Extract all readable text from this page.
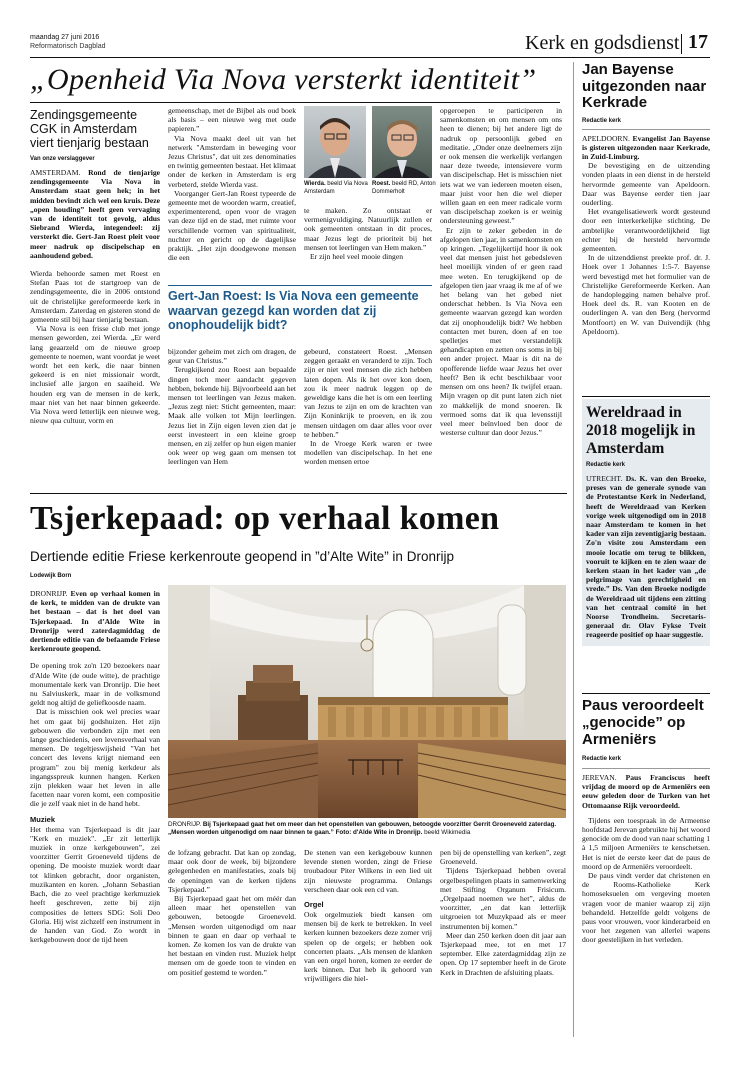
maandag 27 juni 2016
Reformatorisch Dagblad	Kerk en godsdienst 17
„Openheid Via Nova versterkt identiteit”
Zendingsgemeente
CGK in Amsterdam
viert tienjarig bestaan
Van onze verslaggever

AMSTERDAM. Rond de tienjarige zendingsgemeente Via Nova in Amsterdam staat geen hek; in het midden bevindt zich wel een kruis. Deze „open houding” heeft geen vervaging van de identiteit tot gevolg, aldus Siebrand Wierda, integendeel: zij versterkt die. Gert-Jan Roest pleit voor meer nadruk op discipelschap en aanhoudend gebed.

Wierda behoorde samen met Roest en Stefan Paas tot de startgroep van de zendingsgemeente, die in 2006 ontstond uit de christelijke gereformeerde kerk in Amsterdam. Zaterdag en gisteren stond de gemeente stil bij haar tienjarig bestaan.

Via Nova is een frisse club met jonge mensen geworden, zei Wierda. „Er werd lang geaarzeld om de nieuwe groep gemeente te noemen, want voordat je weet wordt het een kerk, die naar binnen gekeerd is en niet missionair wordt, inclusief alle jargon en saaiheid. We houden erg van de mensen in de kerk, maar niet van het naar binnen gekeerde. Via Nova werd letterlijk een nieuwe weg, nieuw qua cultuur, vorm en

gemeenschap, met de Bijbel als oud boek als basis – een nieuwe weg met oude papieren.”

Via Nova maakt deel uit van het netwerk "Amsterdam in beweging voor Jezus Christus", dat uit zes denominaties en twintig gemeenten bestaat. Het klimaat onder de kerken in Amsterdam is erg verbeterd, stelde Wierda vast.

Voorganger Gert-Jan Roest typeerde de gemeente met de woorden warm, creatief, experimenterend, open voor de vragen van deze tijd en de stad, met ruimte voor verschillende vormen van spiritualiteit, nuchter en gericht op de dagelijkse praktijk. „Het zijn doodgewone mensen die een

Wierda. beeld Via Nova Amsterdam
Roest. beeld RD, Anton Dommerholt

te maken. Zo ontstaat er vermenigvuldiging. Natuurlijk zullen er ook gemeenten ontstaan in dit proces, maar Jezus legt de prioriteit bij het mensen tot leerlingen van Hem maken.”

Er zijn heel veel mooie dingen

Gert-Jan Roest: Is Via Nova een gemeente waarvan gezegd kan worden dat zij onophoudelijk bidt?

bijzonder geheim met zich om dragen, de geur van Christus.”

Terugkijkend zou Roest aan bepaalde dingen toch meer aandacht gegeven hebben, bekende hij. Bijvoorbeeld aan het mensen tot leerlingen van Jezus maken. „Jezus zegt niet: Sticht gemeenten, maar: Maak alle volken tot Mijn leerlingen. Jezus liet in Zijn eigen leven zien dat je eerst investeert in een kleine groep mensen, en zij zelfer op hun eigen manier ook weer op weg gaan om mensen tot leerlingen van Hem

gebeurd, constateert Roest. „Mensen zeggen geraakt en veranderd te zijn. Toch zijn er niet veel mensen die zich hebben laten dopen. Als ik het over kon doen, zou ik meer nadruk leggen op de geweldige kans die het is om een leerling van Jezus te zijn en om de krachten van Zijn Koninkrijk te proeven, en ik zou mensen uitdagen om daar alles voor over te hebben.”

In de Vroege Kerk waren er twee modellen van discipelschap. In het ene worden mensen ertoe

opgeroepen te participeren in samenkomsten en om mensen om ons heen te dienen; bij het andere ligt de nadruk op persoonlijk gebed en meditatie. „Onder onze deelnemers zijn er ook mensen die werkelijk verlangen naar deze tweede, intensievere vorm van discipelschap. Het is misschien niet iets wat we van iedereen moeten eisen, maar juist voor hen die wel dieper willen gaan en een meer radicale vorm van discipelschap zoeken is er weinig ondersteuning geweest.”

Er zijn te zeker gebeden in de afgelopen tien jaar, in samenkomsten en op kringen. „Tegelijkertijd hoor ik ook veel dat mensen juist het gebedsleven heel moeilijk vinden of er geen raad mee weten. En terugkijkend op de afgelopen tien jaar vraag ik me af of we het belang van het gebed niet onderschat hebben. Is Via Nova een gemeente waarvan gezegd kan worden dat zij onophoudelijk bidt? We hebben contacten met buren, doen af en toe spelletjes met verstandelijk gehandicapten en zetten ons soms in bij een ander project. Maar is dit na de opofferende liefde waar Jezus het over heeft? Ben ik echt beschikbaar voor mensen om ons heen? Ik twijfel eraan. Mijn vragen op dit punt laten zich niet zo makkelijk de mond snoeren. Ik vermoed soms dat ik qua levensstijl veel meer beïnvloed ben door de westerse cultuur dan door Jezus.”

Jan Bayense uitgezonden naar Kerkrade
Redactie kerk

APELDOORN. Evangelist Jan Bayense is gisteren uitgezonden naar Kerkrade, in Zuid-Limburg.

De bevestiging en de uitzending vonden plaats in een dienst in de hersteld hervormde gemeente van Apeldoorn. Daar was Bayense eerder tien jaar ouderling.

Het evangelisatiewerk wordt gesteund door een interkerkelijke stichting. De ambtelijke verantwoordelijkheid ligt echter bij de hersteld hervormde gemeenten.

In de uitzenddienst preekte prof. dr. J. Hoek over 1 Johannes 1:5-7. Bayense werd bevestigd met het formulier van de Christelijke Gereformeerde Kerken. Aan de handoplegging namen behalve prof. Hoek deel ds. R. van Kooten en de ouderlingen A. van den Berg (hervormd Montfoort) en W. van Duivendijk (hhg Apeldoorn).

Wereldraad in 2018 mogelijk in Amsterdam
Redactie kerk

UTRECHT. Ds. K. van den Broeke, preses van de generale synode van de Protestantse Kerk in Nederland, heeft de Wereldraad van Kerken vorige week uitgenodigd om in 2018 naar Amsterdam te komen in het kader van zijn zeventigjarig bestaan. Zo'n visite zou Amsterdam een mooie locatie om terug te blikken, vooruit te kijken en te zien waar de kerken staan in het kader van „de pelgrimage van gerechtigheid en vrede.” Ds. Van den Broeke nodigde de Wereldraad uit tijdens een zitting van het centraal comité in het Noorse Trondheim. Secretaris-generaal dr. Olav Fykse Tveit reageerde positief op haar suggestie.

Paus veroordeelt „genocide” op Armeniërs
Redactie kerk

JEREVAN. Paus Franciscus heeft vrijdag de moord op de Armeniërs een eeuw geleden door de Turken van het Ottomaanse Rijk veroordeeld.

Tijdens een toespraak in de Armeense hoofdstad Jerevan gebruikte hij het woord genocide om de dood van naar schatting 1 à 1,5 miljoen Armeniërs te kenschetsen. Het is niet de eerste keer dat de paus de moord op de Armeniërs veroordeelt.

De paus vindt verder dat christenen en de Rooms-Katholieke Kerk homoseksuelen om vergeving moeten vragen voor de manier waarop zij zijn behandeld. Hetzelfde geldt volgens de paus voor vrouwen, voor kinderarbeid en voor het zegenen van allerlei wapens door geestelijken in het verleden.

Tsjerkepaad: op verhaal komen
Dertiende editie Friese kerkenroute geopend in ”d’Alte Wite” in Dronrijp
Lodewijk Born

DRONRIJP. Even op verhaal komen in de kerk, te midden van de drukte van het bestaan – dat is het doel van Tsjerkepaad. In d’Alde Wite in Dronrijp werd zaterdagmiddag de dertiende editie van de befaamde Friese kerkenroute geopend.

De opening trok zo'n 120 bezoekers naar d'Alde Wite (de oude witte), de prachtige monumentale kerk van Dronrijp. Die heet nu Salviuskerk, maar in de volksmond geldt nog altijd de geliefkoosde naam.

Dat is misschien ook wel precies waar het om gaat bij godshuizen. Het zijn gebouwen die verbonden zijn met een lange geschiedenis, een levensverhaal van mensen. De tegeltjeswijsheid "Van het concert des levens krijgt niemand een program" zou bij menig kerkdeur als ingangsspreuk kunnen hangen. Kerken zijn plekken waar het leven in alle facetten naar voren komt, een compositie die je zelf vaak niet in de hand hebt.

Muziek

Het thema van Tsjerkepaad is dit jaar "Kerk en muziek". „Er zit letterlijk muziek in onze kerkgebouwen”, zei voorzitter Gerrit Groeneveld tijdens de opening. De mooiste muziek wordt daar tot klinken gebracht, door organisten, muzikanten en koren. „Johann Sebastian Bach, die zo veel prachtige kerkmuziek heeft geschreven, zette bij zijn composities de letters SDG: Soli Deo Gloria. Hij wist zichzelf een instrument in de handen van God. Zo wordt in kerkgebouwen door de tijd heen

DRONRIJP. Bij Tsjerkepaad gaat het om meer dan het openstellen van gebouwen, betoogde voorzitter Gerrit Groeneveld zaterdag. „Mensen worden uitgenodigd om naar binnen te gaan.” Foto: d'Alde Wite in Dronrijp. beeld Wikimedia

de lofzang gebracht. Dat kan op zondag, maar ook door de week, bij bijzondere gelegenheden en manifestaties, zoals bij de openingen van de kerken tijdens Tsjerkepaad.”

Bij Tsjerkepaad gaat het om méér dan alleen maar het openstellen van gebouwen, betoogde Groeneveld. „Mensen worden uitgenodigd om naar binnen te gaan en daar op verhaal te komen. Ze komen los van de drukte van het bestaan en vinden rust. Muziek helpt mensen om de goede toon te vinden en om positief gestemd te worden.”

De stenen van een kerkgebouw kunnen levende stenen worden, zingt de Friese troubadour Piter Wilkens in een lied uit zijn nieuwste programma. Onlangs verscheen daar ook een cd van.

Orgel

Ook orgelmuziek biedt kansen om mensen bij de kerk te betrekken. In veel kerken kunnen bezoekers deze zomer vrij spelen op de orgels; er hebben ook concerten plaats. „Als mensen de klanken van een orgel horen, komen ze eerder de kerk binnen. Dat heb ik gehoord van vrijwilligers die hiel-

pen bij de openstelling van kerken”, zegt Groeneveld.

Tijdens Tsjerkepaad hebben overal orgelbespelingen plaats in samenwerking met Stifting Organum Frisicum. „Orgelpaad noemen we het”, aldus de voorzitter, „en dat kan letterlijk uitgroeien tot Muzykpaad als er meer instrumenten bij komen.”

Meer dan 250 kerken doen dit jaar aan Tsjerkepaad mee, tot en met 17 september. Elke zaterdagmiddag zijn ze open. Op 17 september heeft in de Grote Kerk in Drachten de afsluiting plaats.
